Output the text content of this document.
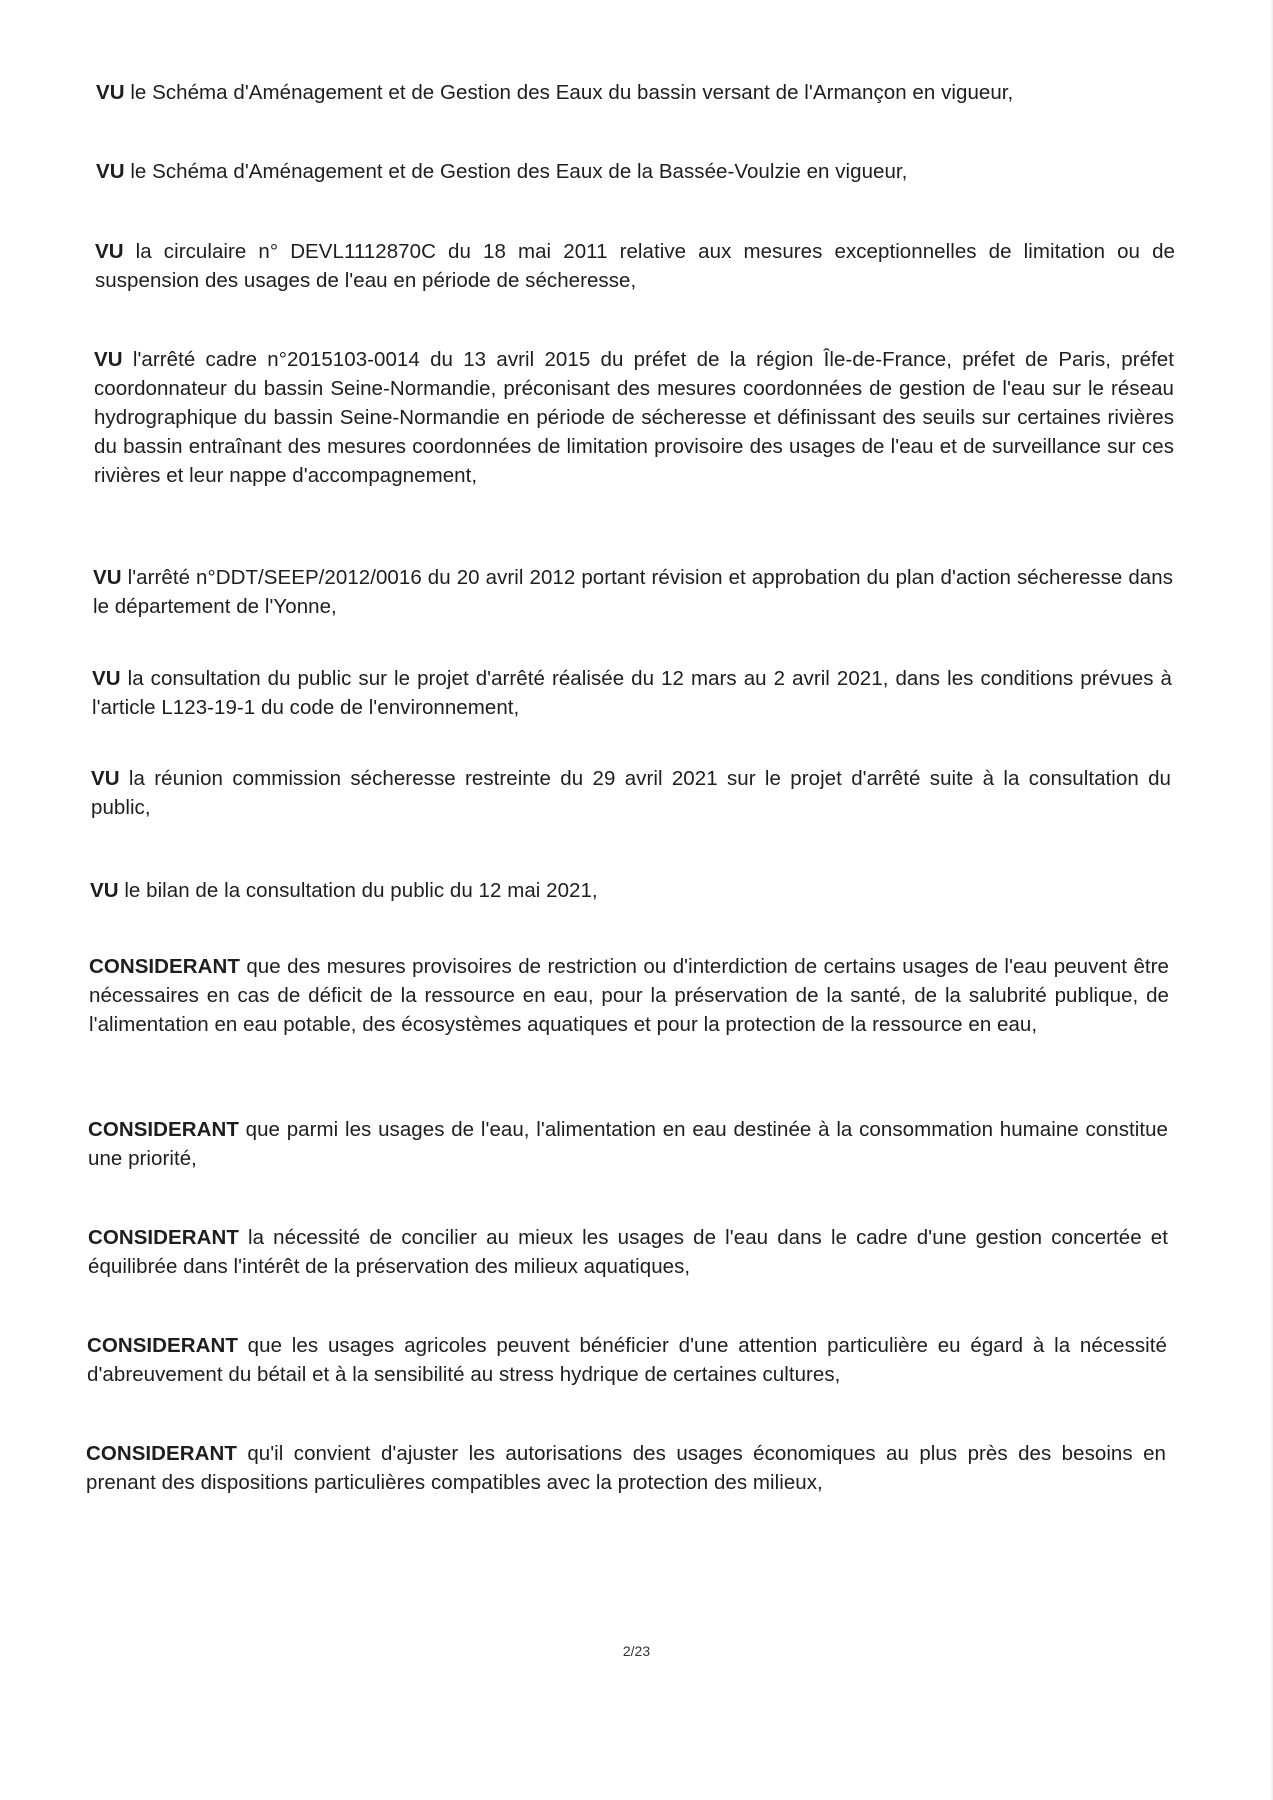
VU le Schéma d'Aménagement et de Gestion des Eaux du bassin versant de l'Armançon en vigueur,
VU le Schéma d'Aménagement et de Gestion des Eaux de la Bassée-Voulzie en vigueur,
VU la circulaire n° DEVL1112870C du 18 mai 2011 relative aux mesures exceptionnelles de limitation ou de suspension des usages de l'eau en période de sécheresse,
VU l'arrêté cadre n°2015103-0014 du 13 avril 2015 du préfet de la région Île-de-France, préfet de Paris, préfet coordonnateur du bassin Seine-Normandie, préconisant des mesures coordonnées de gestion de l'eau sur le réseau hydrographique du bassin Seine-Normandie en période de sécheresse et définissant des seuils sur certaines rivières du bassin entraînant des mesures coordonnées de limitation provisoire des usages de l'eau et de surveillance sur ces rivières et leur nappe d'accompagnement,
VU l'arrêté n°DDT/SEEP/2012/0016 du 20 avril 2012 portant révision et approbation du plan d'action sécheresse dans le département de l'Yonne,
VU la consultation du public sur le projet d'arrêté réalisée du 12 mars au 2 avril 2021, dans les conditions prévues à l'article L123-19-1 du code de l'environnement,
VU la réunion commission sécheresse restreinte du 29 avril 2021 sur le projet d'arrêté suite à la consultation du public,
VU le bilan de la consultation du public du 12 mai 2021,
CONSIDERANT que des mesures provisoires de restriction ou d'interdiction de certains usages de l'eau peuvent être nécessaires en cas de déficit de la ressource en eau, pour la préservation de la santé, de la salubrité publique, de l'alimentation en eau potable, des écosystèmes aquatiques et pour la protection de la ressource en eau,
CONSIDERANT que parmi les usages de l'eau, l'alimentation en eau destinée à la consommation humaine constitue une priorité,
CONSIDERANT la nécessité de concilier au mieux les usages de l'eau dans le cadre d'une gestion concertée et équilibrée dans l'intérêt de la préservation des milieux aquatiques,
CONSIDERANT que les usages agricoles peuvent bénéficier d'une attention particulière eu égard à la nécessité d'abreuvement du bétail et à la sensibilité au stress hydrique de certaines cultures,
CONSIDERANT qu'il convient d'ajuster les autorisations des usages économiques au plus près des besoins en prenant des dispositions particulières compatibles avec la protection des milieux,
2/23
